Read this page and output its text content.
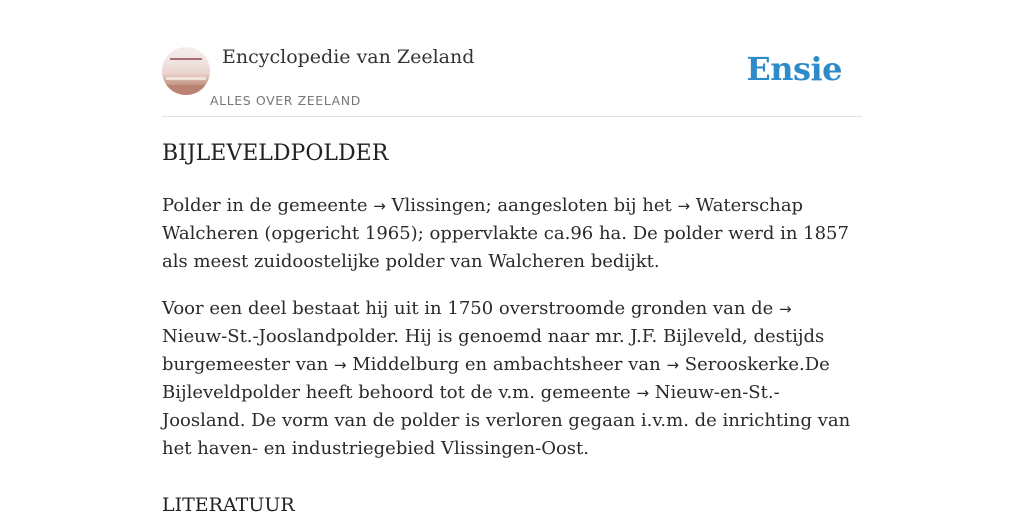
Encyclopedie van Zeeland
ALLES OVER ZEELAND
Ensie
BIJLEVELDPOLDER

Polder in de gemeente → Vlissingen; aangesloten bij het → Waterschap Walcheren (opgericht 1965); oppervlakte ca.96 ha. De polder werd in 1857 als meest zuidoostelijke polder van Walcheren bedijkt.

Voor een deel bestaat hij uit in 1750 overstroomde gronden van de → Nieuw-St.-Jooslandpolder. Hij is genoemd naar mr. J.F. Bijleveld, destijds burgemeester van → Middelburg en ambachtsheer van → Serooskerke.De Bijleveldpolder heeft behoord tot de v.m. gemeente → Nieuw-en-St.-Joosland. De vorm van de polder is verloren gegaan i.v.m. de inrichting van het haven- en industriegebied Vlissingen-Oost.

LITERATUUR
